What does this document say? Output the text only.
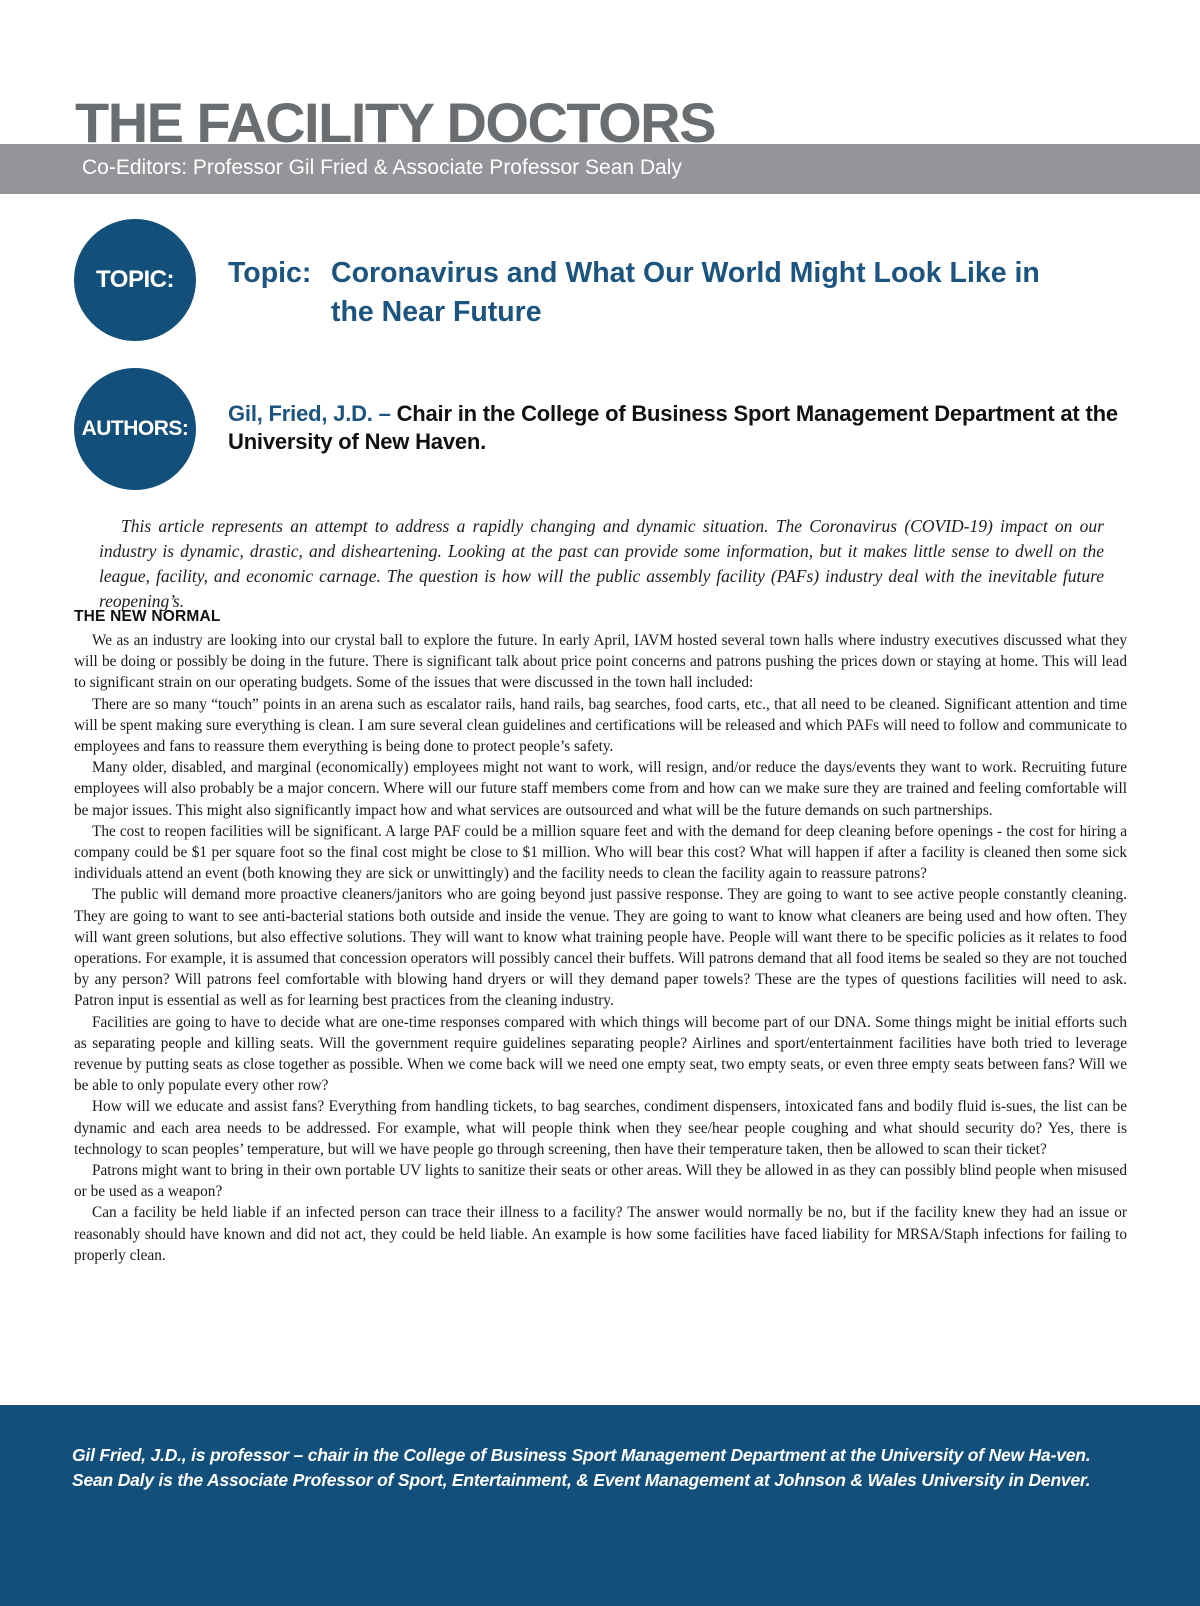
THE FACILITY DOCTORS
Co-Editors: Professor Gil Fried & Associate Professor Sean Daly
TOPIC: Topic: Coronavirus and What Our World Might Look Like in
the Near Future
AUTHORS:

Gil, Fried, J.D. – Chair in the College of Business Sport Management Department at the University of New Haven.

This article represents an attempt to address a rapidly changing and dynamic situation. The Coronavirus (COVID-19) impact on our industry is dynamic, drastic, and disheartening. Looking at the past can provide some information, but it makes little sense to dwell on the league, facility, and economic carnage. The question is how will the public assembly facility (PAFs) industry deal with the inevitable future reopening’s.

THE NEW NORMAL

We as an industry are looking into our crystal ball to explore the future. In early April, IAVM hosted several town halls where industry executives discussed what they will be doing or possibly be doing in the future. There is significant talk about price point concerns and patrons pushing the prices down or staying at home. This will lead to significant strain on our operating budgets. Some of the issues that were discussed in the town hall included:

There are so many “touch” points in an arena such as escalator rails, hand rails, bag searches, food carts, etc., that all need to be cleaned. Significant attention and time will be spent making sure everything is clean. I am sure several clean guidelines and certifications will be released and which PAFs will need to follow and communicate to employees and fans to reassure them everything is being done to protect people’s safety.

Many older, disabled, and marginal (economically) employees might not want to work, will resign, and/or reduce the days/events they want to work. Recruiting future employees will also probably be a major concern. Where will our future staff members come from and how can we make sure they are trained and feeling comfortable will be major issues. This might also significantly impact how and what services are outsourced and what will be the future demands on such partnerships.

The cost to reopen facilities will be significant. A large PAF could be a million square feet and with the demand for deep cleaning before openings - the cost for hiring a company could be $1 per square foot so the final cost might be close to $1 million. Who will bear this cost? What will happen if after a facility is cleaned then some sick individuals attend an event (both knowing they are sick or unwittingly) and the facility needs to clean the facility again to reassure patrons?

The public will demand more proactive cleaners/janitors who are going beyond just passive response. They are going to want to see active people constantly cleaning. They are going to want to see anti-bacterial stations both outside and inside the venue. They are going to want to know what cleaners are being used and how often. They will want green solutions, but also effective solutions. They will want to know what training people have. People will want there to be specific policies as it relates to food operations. For example, it is assumed that concession operators will possibly cancel their buffets. Will patrons demand that all food items be sealed so they are not touched by any person? Will patrons feel comfortable with blowing hand dryers or will they demand paper towels? These are the types of questions facilities will need to ask. Patron input is essential as well as for learning best practices from the cleaning industry.

Facilities are going to have to decide what are one-time responses compared with which things will become part of our DNA. Some things might be initial efforts such as separating people and killing seats. Will the government require guidelines separating people? Airlines and sport/entertainment facilities have both tried to leverage revenue by putting seats as close together as possible. When we come back will we need one empty seat, two empty seats, or even three empty seats between fans? Will we be able to only populate every other row?

How will we educate and assist fans? Everything from handling tickets, to bag searches, condiment dispensers, intoxicated fans and bodily fluid is-sues, the list can be dynamic and each area needs to be addressed. For example, what will people think when they see/hear people coughing and what should security do? Yes, there is technology to scan peoples’ temperature, but will we have people go through screening, then have their temperature taken, then be allowed to scan their ticket?

Patrons might want to bring in their own portable UV lights to sanitize their seats or other areas. Will they be allowed in as they can possibly blind people when misused or be used as a weapon?

Can a facility be held liable if an infected person can trace their illness to a facility? The answer would normally be no, but if the facility knew they had an issue or reasonably should have known and did not act, they could be held liable. An example is how some facilities have faced liability for MRSA/Staph infections for failing to properly clean.

Gil Fried, J.D., is professor – chair in the College of Business Sport Management Department at the University of New Ha-ven. Sean Daly is the Associate Professor of Sport, Entertainment, & Event Management at Johnson & Wales University in Denver.
